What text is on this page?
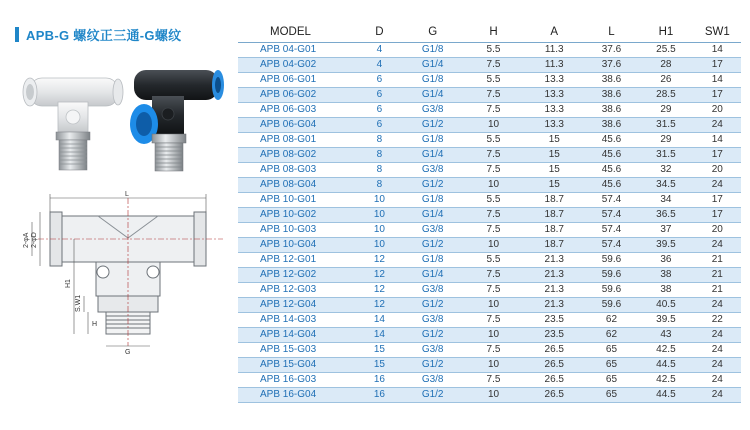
APB-G 螺纹正三通-G螺纹
L
2-φD
2-φA
H1
S.W1
H
G
MODEL	D	G	H	A	L	H1	SW1
APB 04-G01	4	G1/8	5.5	11.3	37.6	25.5	14
APB 04-G02	4	G1/4	7.5	11.3	37.6	28	17
APB 06-G01	6	G1/8	5.5	13.3	38.6	26	14
APB 06-G02	6	G1/4	7.5	13.3	38.6	28.5	17
APB 06-G03	6	G3/8	7.5	13.3	38.6	29	20
APB 06-G04	6	G1/2	10	13.3	38.6	31.5	24
APB 08-G01	8	G1/8	5.5	15	45.6	29	14
APB 08-G02	8	G1/4	7.5	15	45.6	31.5	17
APB 08-G03	8	G3/8	7.5	15	45.6	32	20
APB 08-G04	8	G1/2	10	15	45.6	34.5	24
APB 10-G01	10	G1/8	5.5	18.7	57.4	34	17
APB 10-G02	10	G1/4	7.5	18.7	57.4	36.5	17
APB 10-G03	10	G3/8	7.5	18.7	57.4	37	20
APB 10-G04	10	G1/2	10	18.7	57.4	39.5	24
APB 12-G01	12	G1/8	5.5	21.3	59.6	36	21
APB 12-G02	12	G1/4	7.5	21.3	59.6	38	21
APB 12-G03	12	G3/8	7.5	21.3	59.6	38	21
APB 12-G04	12	G1/2	10	21.3	59.6	40.5	24
APB 14-G03	14	G3/8	7.5	23.5	62	39.5	22
APB 14-G04	14	G1/2	10	23.5	62	43	24
APB 15-G03	15	G3/8	7.5	26.5	65	42.5	24
APB 15-G04	15	G1/2	10	26.5	65	44.5	24
APB 16-G03	16	G3/8	7.5	26.5	65	42.5	24
APB 16-G04	16	G1/2	10	26.5	65	44.5	24
